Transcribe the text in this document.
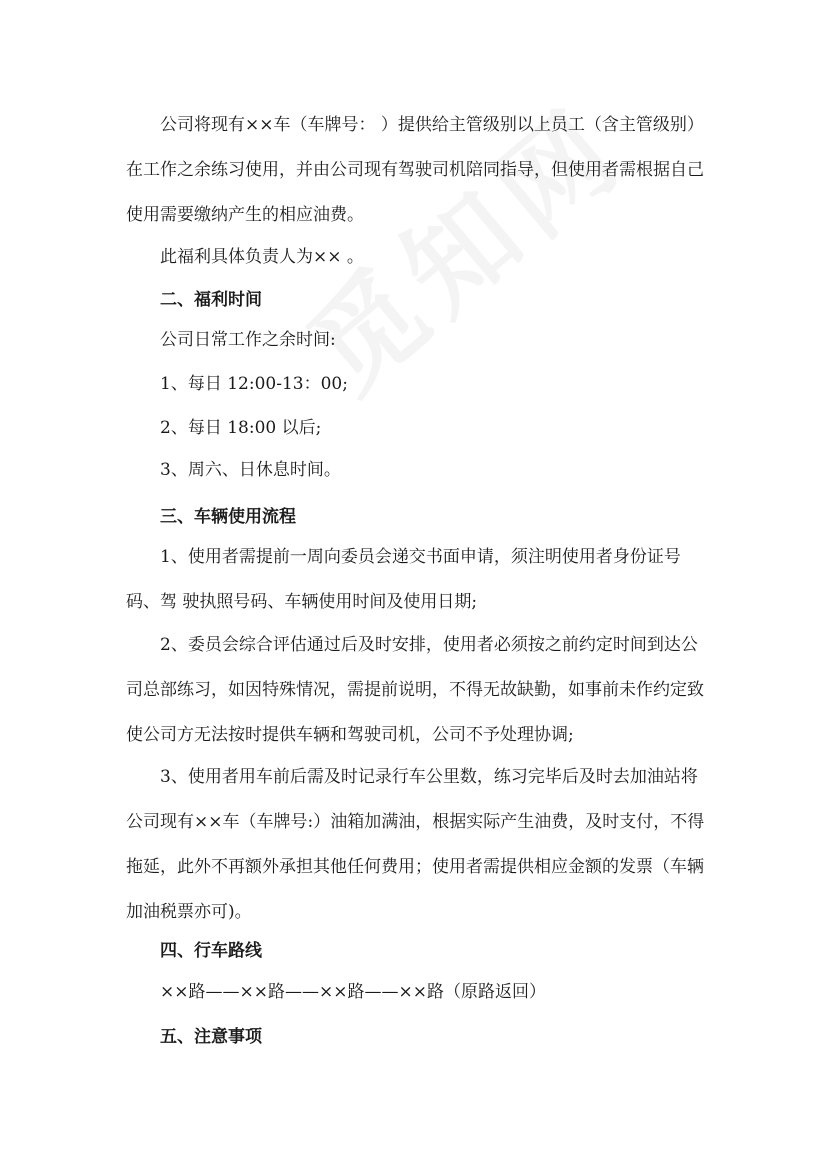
公司将现有××车（车牌号： ）提供给主管级别以上员工（含主管级别）在工作之余练习使用，并由公司现有驾驶司机陪同指导，但使用者需根据自己使用需要缴纳产生的相应油费。

此福利具体负责人为×× 。

二、福利时间

公司日常工作之余时间:

1、每日 12:00-13：00;

2、每日 18:00 以后;

3、周六、日休息时间。

三、车辆使用流程

1、使用者需提前一周向委员会递交书面申请，须注明使用者身份证号码、驾 驶执照号码、车辆使用时间及使用日期;

2、委员会综合评估通过后及时安排，使用者必须按之前约定时间到达公司总部练习，如因特殊情况，需提前说明，不得无故缺勤，如事前未作约定致使公司方无法按时提供车辆和驾驶司机，公司不予处理协调;

3、使用者用车前后需及时记录行车公里数，练习完毕后及时去加油站将公司现有××车（车牌号:）油箱加满油，根据实际产生油费，及时支付，不得拖延，此外不再额外承担其他任何费用；使用者需提供相应金额的发票（车辆加油税票亦可)。

四、行车路线

××路——××路——××路——××路（原路返回）

五、注意事项
